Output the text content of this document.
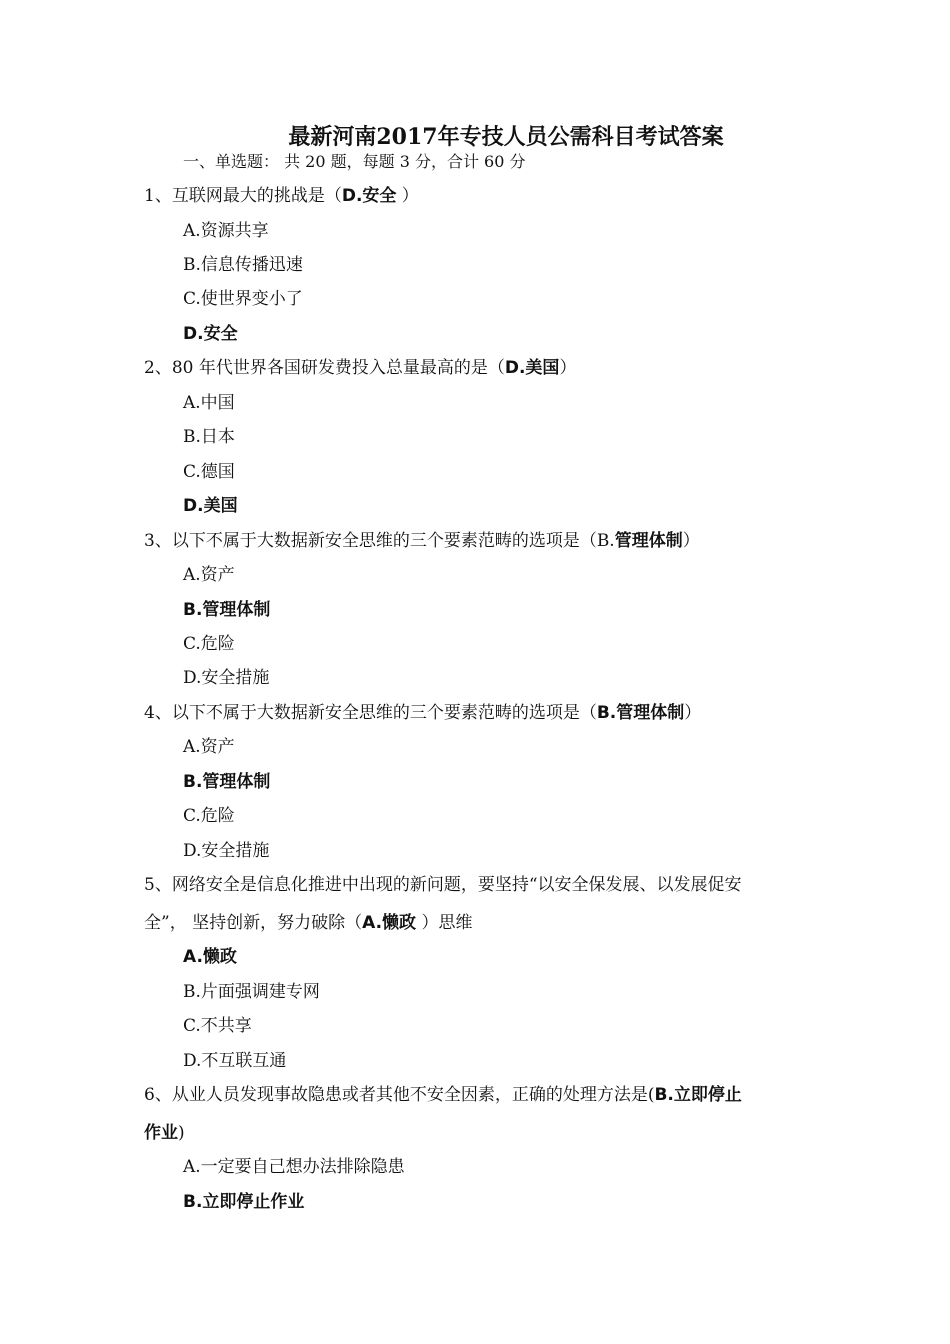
最新河南2017年专技人员公需科目考试答案
一、单选题： 共 20 题，每题 3 分，合计 60 分
1、互联网最大的挑战是（D.安全 ）
A.资源共享
B.信息传播迅速
C.使世界变小了
D.安全
2、80 年代世界各国研发费投入总量最高的是（D.美国）
A.中国
B.日本
C.德国
D.美国
3、以下不属于大数据新安全思维的三个要素范畴的选项是（B.管理体制）
A.资产
B.管理体制
C.危险
D.安全措施
4、以下不属于大数据新安全思维的三个要素范畴的选项是（B.管理体制）
A.资产
B.管理体制
C.危险
D.安全措施
5、网络安全是信息化推进中出现的新问题，要坚持“以安全保发展、以发展促安
全”， 坚持创新，努力破除（A.懒政 ）思维
A.懒政
B.片面强调建专网
C.不共享
D.不互联互通
6、从业人员发现事故隐患或者其他不安全因素，正确的处理方法是(B.立即停止
作业)
A.一定要自己想办法排除隐患
B.立即停止作业
